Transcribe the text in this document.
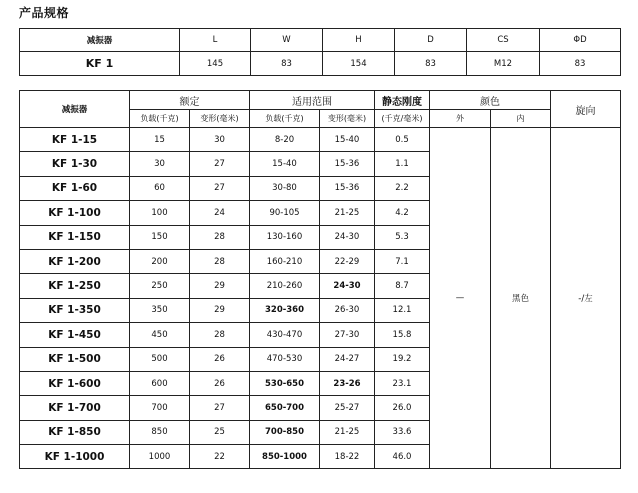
产品规格
减振器	L	W	H	D	CS	ΦD
KF 1	145	83	154	83	M12	83
减振器	额定		适用范围		静态刚度	颜色		旋向
	负载(千克)	变形(毫米)	负载(千克)	变形(毫米)	(千克/毫米)	外	内	
KF 1-15	15	30	8-20	15-40	0.5	—	黑色	-/左
KF 1-30	30	27	15-40	15-36	1.1			
KF 1-60	60	27	30-80	15-36	2.2			
KF 1-100	100	24	90-105	21-25	4.2			
KF 1-150	150	28	130-160	24-30	5.3			
KF 1-200	200	28	160-210	22-29	7.1			
KF 1-250	250	29	210-260	24-30	8.7			
KF 1-350	350	29	320-360	26-30	12.1			
KF 1-450	450	28	430-470	27-30	15.8			
KF 1-500	500	26	470-530	24-27	19.2			
KF 1-600	600	26	530-650	23-26	23.1			
KF 1-700	700	27	650-700	25-27	26.0			
KF 1-850	850	25	700-850	21-25	33.6			
KF 1-1000	1000	22	850-1000	18-22	46.0			
